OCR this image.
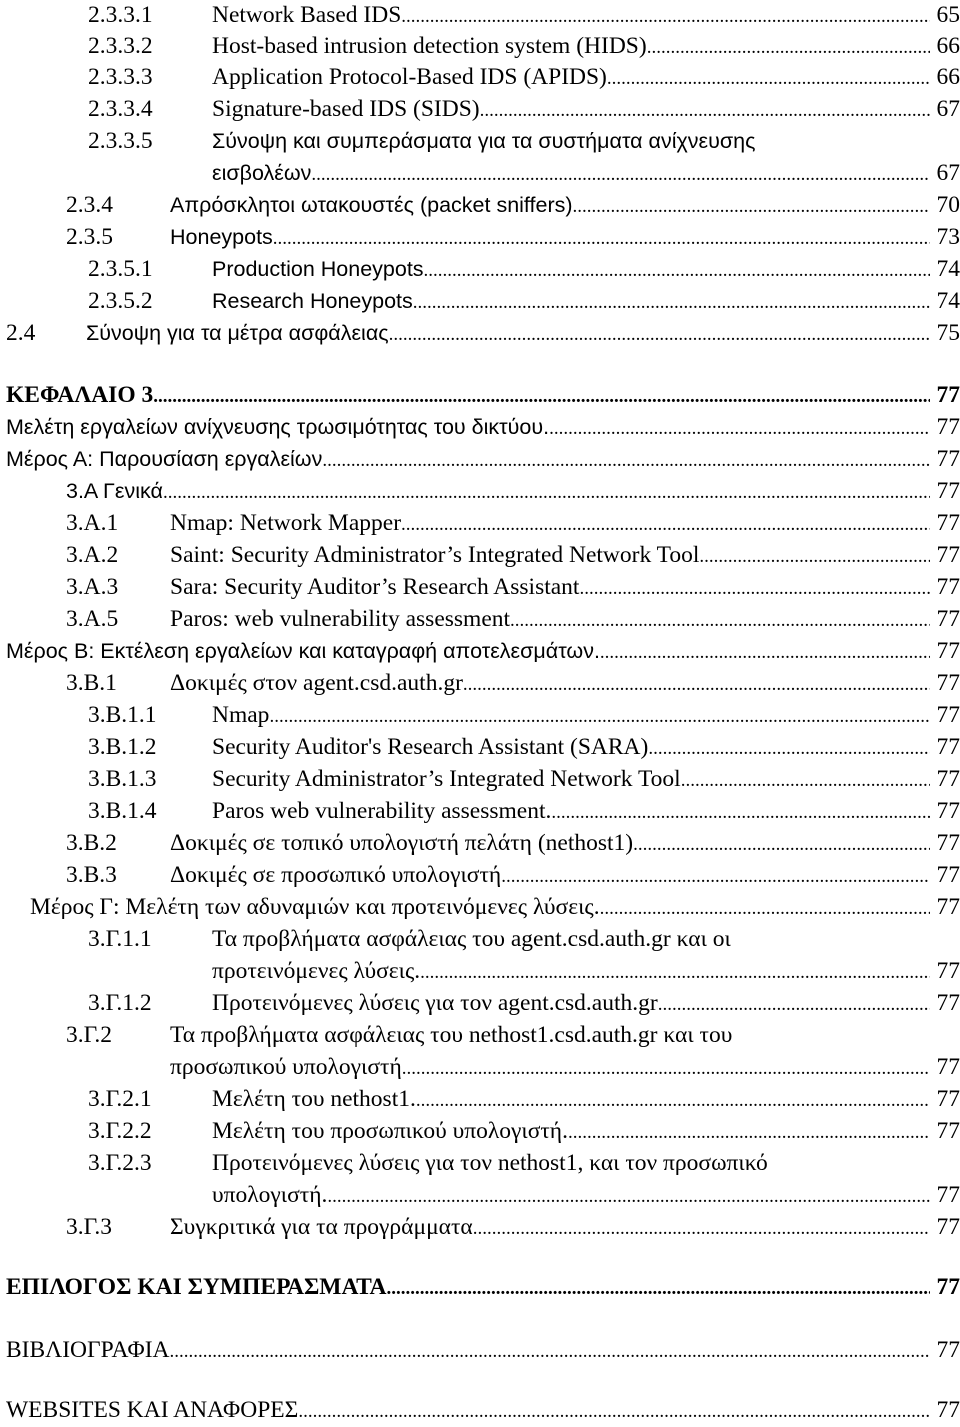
2.3.3.1	Network Based IDS .....	65
2.3.3.2	Host-based intrusion detection system (HIDS) .....	66
2.3.3.3	Application Protocol-Based IDS (APIDS) .....	66
2.3.3.4	Signature-based IDS (SIDS) .....	67
2.3.3.5	Σύνοψη και συμπεράσματα για τα συστήματα ανίχνευσης
εισβολέων .....	67
2.3.4	Απρόσκλητοι ωτακουστές (packet sniffers) .....	70
2.3.5	Honeypots .....	73
2.3.5.1	Production Honeypots .....	74
2.3.5.2	Research Honeypots .....	74
2.4 Σύνοψη για τα μέτρα ασφάλειας .....	75
ΚΕΦΑΛΑΙΟ 3 .....	77
Μελέτη εργαλείων ανίχνευσης τρωσιμότητας του δικτύου. .....	77
Μέρος Α: Παρουσίαση εργαλείων .....	77
3.Α Γενικά .....	77
3.Α.1 Nmap: Network Mapper .....	77
3.Α.2 Saint: Security Administrator’s Integrated Network Tool .....	77
3.Α.3 Sara: Security Auditor’s Research Assistant .....	77
3.Α.5 Paros: web vulnerability assessment .....	77
Μέρος Β: Εκτέλεση εργαλείων και καταγραφή αποτελεσμάτων. .....	77
3.Β.1 Δοκιμές στον agent.csd.auth.gr .....	77
3.Β.1.1 Nmap .....	77
3.Β.1.2 Security Auditor's Research Assistant (SARA) .....	77
3.Β.1.3 Security Administrator’s Integrated Network Tool .....	77
3.Β.1.4 Paros web vulnerability assessment. .....	77
3.Β.2 Δοκιμές σε τοπικό υπολογιστή πελάτη (nethost1) .....	77
3.Β.3 Δοκιμές σε προσωπικό υπολογιστή .....	77
Μέρος Γ: Μελέτη των αδυναμιών και προτεινόμενες λύσεις. .....	77
3.Γ.1.1	Τα προβλήματα ασφάλειας του agent.csd.auth.gr και οι
προτεινόμενες λύσεις. .....	77
3.Γ.1.2	Προτεινόμενες λύσεις για τον agent.csd.auth.gr .....	77
3.Γ.2 Τα προβλήματα ασφάλειας του nethost1.csd.auth.gr και του
προσωπικού υπολογιστή .....	77
3.Γ.2.1	Μελέτη του nethost1. .....	77
3.Γ.2.2	Μελέτη του προσωπικού υπολογιστή. .....	77
3.Γ.2.3	Προτεινόμενες λύσεις για τον nethost1, και τον προσωπικό
υπολογιστή. .....	77
3.Γ.3 Συγκριτικά για τα προγράμματα .....	77
ΕΠΙΛΟΓΟΣ ΚΑΙ ΣΥΜΠΕΡΑΣΜΑΤΑ .....	77
ΒΙΒΛΙΟΓΡΑΦΙΑ .....	77
WEBSITES ΚΑΙ ΑΝΑΦΟΡΕΣ .....	77
